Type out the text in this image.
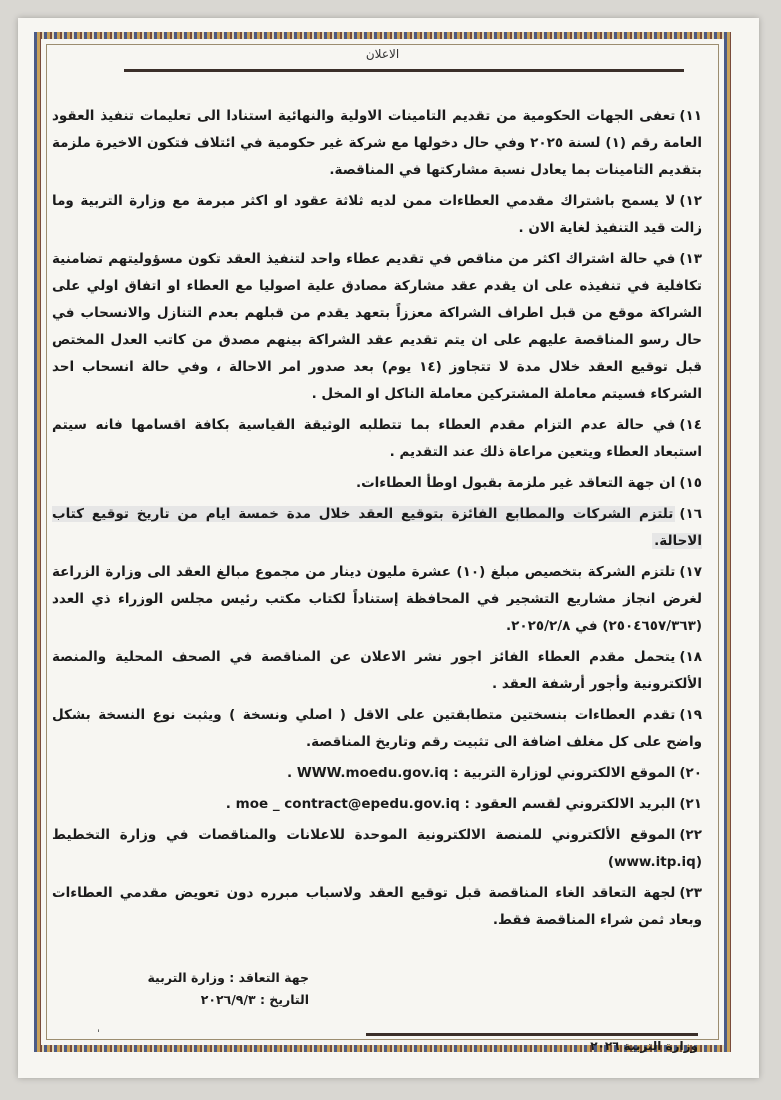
الاعلان
١١)تعفى الجهات الحكومية من تقديم التامينات الاولية والنهائية استنادا الى تعليمات تنفيذ العقود العامة رقم (١) لسنة ٢٠٢٥ وفي حال دخولها مع شركة غير حكومية في ائتلاف فتكون الاخيرة ملزمة بتقديم التامينات بما يعادل نسبة مشاركتها في المناقصة.
١٢)لا يسمح باشتراك مقدمي العطاءات ممن لديه ثلاثة عقود او اكثر مبرمة مع وزارة التربية وما زالت قيد التنفيذ لغاية الان .
١٣)في حالة اشتراك اكثر من مناقص في تقديم عطاء واحد لتنفيذ العقد تكون مسؤوليتهم تضامنية تكافلية في تنفيذه على ان يقدم عقد مشاركة مصادق علية اصوليا مع العطاء او اتفاق اولي على الشراكة موقع من قبل اطراف الشراكة معززاً بتعهد يقدم من قبلهم بعدم التنازل والانسحاب في حال رسو المناقصة عليهم على ان يتم تقديم عقد الشراكة بينهم مصدق من كاتب العدل المختص قبل توقيع العقد خلال مدة لا تتجاوز (١٤ يوم) بعد صدور امر الاحالة ، وفي حالة انسحاب احد الشركاء فسيتم معاملة المشتركين معاملة الناكل او المخل .
١٤)في حالة عدم التزام مقدم العطاء بما تتطلبه الوثيقة القياسية بكافة اقسامها فانه سيتم استبعاد العطاء ويتعين مراعاة ذلك عند التقديم .
١٥)ان جهة التعاقد غير ملزمة بقبول اوطأ العطاءات.
١٦)تلتزم الشركات والمطابع الفائزة بتوقيع العقد خلال مدة خمسة ايام من تاريخ توقيع كتاب الاحالة.
١٧)تلتزم الشركة بتخصيص مبلغ (١٠) عشرة مليون دينار من مجموع مبالغ العقد الى وزارة الزراعة لغرض انجاز مشاريع التشجير في المحافظة إستناداً لكتاب مكتب رئيس مجلس الوزراء ذي العدد (٢٥٠٤٦٥٧/٣٦٣) في ٢٠٢٥/٢/٨.
١٨)يتحمل مقدم العطاء الفائز اجور نشر الاعلان عن المناقصة في الصحف المحلية والمنصة الألكترونية وأجور أرشفة العقد .
١٩)تقدم العطاءات بنسختين متطابقتين على الاقل ( اصلي ونسخة ) ويثبت نوع النسخة بشكل واضح على كل مغلف اضافة الى تثبيت رقم وتاريخ المناقصة.
٢٠)الموقع الالكتروني لوزارة التربية : WWW.moedu.gov.iq .
٢١)البريد الالكتروني لقسم العقود : moe _ contract@epedu.gov.iq .
٢٢)الموقع الألكتروني للمنصة الالكترونية الموحدة للاعلانات والمناقصات في وزارة التخطيط (www.itp.iq)
٢٣)لجهة التعاقد الغاء المناقصة قبل توقيع العقد ولاسباب مبرره دون تعويض مقدمي العطاءات وبعاد ثمن شراء المناقصة فقط.
جهة التعاقد : وزارة التربية
التاريخ : ٢٠٢٦/٩/٣
ˈ
وزارة التربية ٢٠٢٦
